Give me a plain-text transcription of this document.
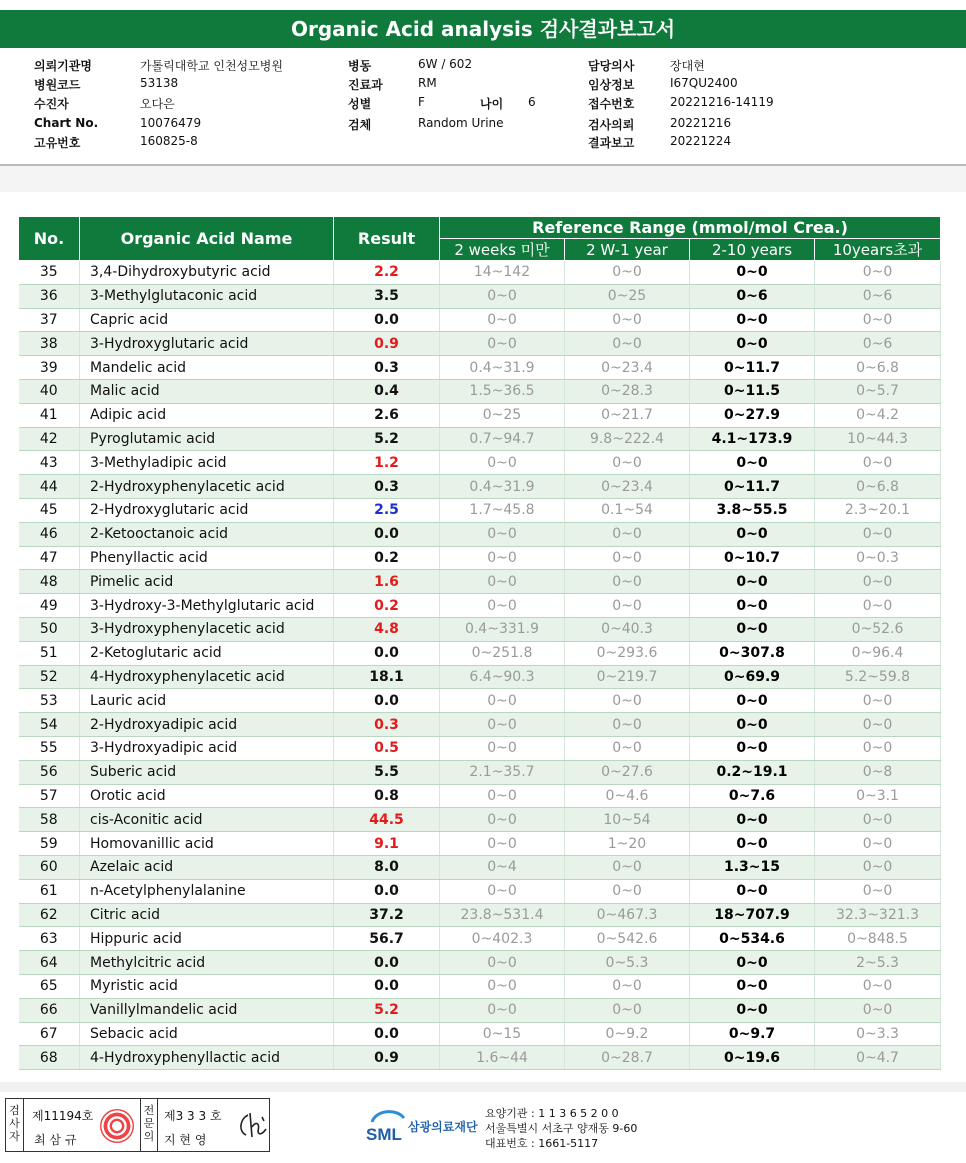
Organic Acid analysis 검사결과보고서
의뢰기관명	가톨릭대학교 인천성모병원
병원코드	53138
수진자	오다은
Chart No.	10076479
고유번호	160825-8
병동	6W / 602
진료과	RM
성별	F
검체	Random Urine
담당의사	장대현
임상정보	I67QU2400
접수번호	20221216-14119
검사의뢰	20221216
결과보고	20221224
나이 6
No.	Organic Acid Name	Result	Reference Range (mmol/mol Crea.)			
			2 weeks 미만	2 W-1 year	2-10 years	10years초과
35	3,4-Dihydroxybutyric acid	2.2	14~142	0~0	0~0	0~0
36	3-Methylglutaconic acid	3.5	0~0	0~25	0~6	0~6
37	Capric acid	0.0	0~0	0~0	0~0	0~0
38	3-Hydroxyglutaric acid	0.9	0~0	0~0	0~0	0~6
39	Mandelic acid	0.3	0.4~31.9	0~23.4	0~11.7	0~6.8
40	Malic acid	0.4	1.5~36.5	0~28.3	0~11.5	0~5.7
41	Adipic acid	2.6	0~25	0~21.7	0~27.9	0~4.2
42	Pyroglutamic acid	5.2	0.7~94.7	9.8~222.4	4.1~173.9	10~44.3
43	3-Methyladipic acid	1.2	0~0	0~0	0~0	0~0
44	2-Hydroxyphenylacetic acid	0.3	0.4~31.9	0~23.4	0~11.7	0~6.8
45	2-Hydroxyglutaric acid	2.5	1.7~45.8	0.1~54	3.8~55.5	2.3~20.1
46	2-Ketooctanoic acid	0.0	0~0	0~0	0~0	0~0
47	Phenyllactic acid	0.2	0~0	0~0	0~10.7	0~0.3
48	Pimelic acid	1.6	0~0	0~0	0~0	0~0
49	3-Hydroxy-3-Methylglutaric acid	0.2	0~0	0~0	0~0	0~0
50	3-Hydroxyphenylacetic acid	4.8	0.4~331.9	0~40.3	0~0	0~52.6
51	2-Ketoglutaric acid	0.0	0~251.8	0~293.6	0~307.8	0~96.4
52	4-Hydroxyphenylacetic acid	18.1	6.4~90.3	0~219.7	0~69.9	5.2~59.8
53	Lauric acid	0.0	0~0	0~0	0~0	0~0
54	2-Hydroxyadipic acid	0.3	0~0	0~0	0~0	0~0
55	3-Hydroxyadipic acid	0.5	0~0	0~0	0~0	0~0
56	Suberic acid	5.5	2.1~35.7	0~27.6	0.2~19.1	0~8
57	Orotic acid	0.8	0~0	0~4.6	0~7.6	0~3.1
58	cis-Aconitic acid	44.5	0~0	10~54	0~0	0~0
59	Homovanillic acid	9.1	0~0	1~20	0~0	0~0
60	Azelaic acid	8.0	0~4	0~0	1.3~15	0~0
61	n-Acetylphenylalanine	0.0	0~0	0~0	0~0	0~0
62	Citric acid	37.2	23.8~531.4	0~467.3	18~707.9	32.3~321.3
63	Hippuric acid	56.7	0~402.3	0~542.6	0~534.6	0~848.5
64	Methylcitric acid	0.0	0~0	0~5.3	0~0	2~5.3
65	Myristic acid	0.0	0~0	0~0	0~0	0~0
66	Vanillylmandelic acid	5.2	0~0	0~0	0~0	0~0
67	Sebacic acid	0.0	0~15	0~9.2	0~9.7	0~3.3
68	4-Hydroxyphenyllactic acid	0.9	1.6~44	0~28.7	0~19.6	0~4.7
검사자
제11194호
최 삼 규
전문의
제3 3 3 호
지 현 영	SML 삼광의료재단
요양기관 : 1 1 3 6 5 2 0 0
서울특별시 서초구 양재동 9-60
대표번호 : 1661-5117
